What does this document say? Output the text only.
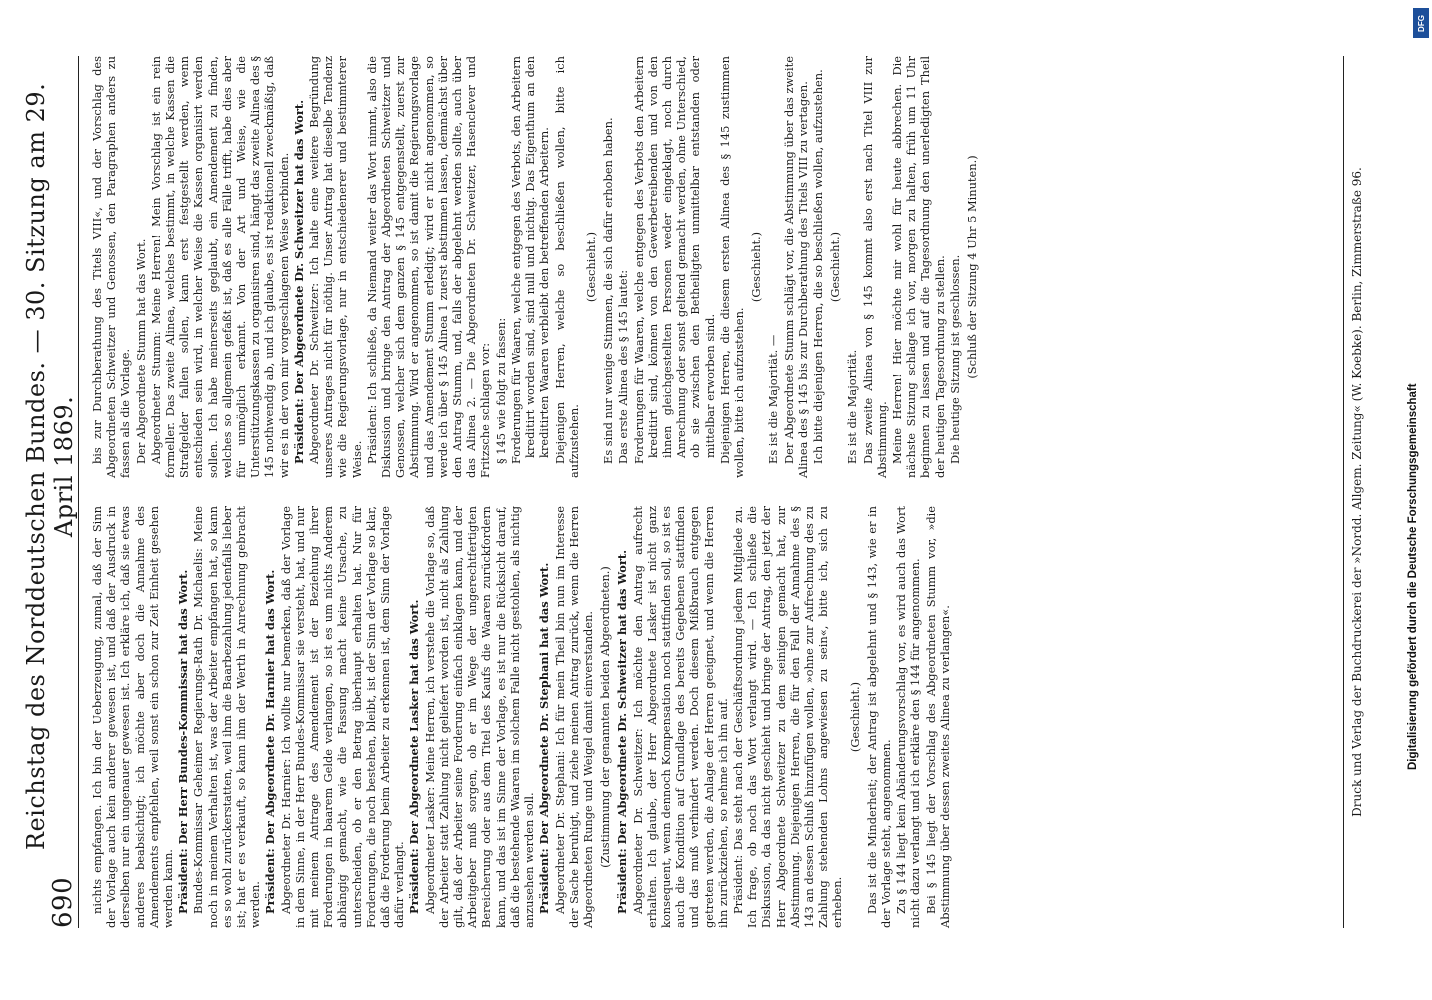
690
Reichstag des Norddeutschen Bundes. — 30. Sitzung am 29. April 1869.

nichts empfangen. Ich bin der Ueberzeugung, zumal, daß der Sinn der Vorlage auch kein anderer gewesen ist, und daß der Ausdruck in derselben nur ein ungenauer gewesen ist. Ich erkläre ich, daß sie etwas anderes beabsichtigt; ich möchte aber doch die Annahme des Amendements empfehlen, weil sonst ein schon zur Zeit Einheit gesehen werden kann. Präsident: Der Herr Bundes-Kommissar hat das Wort. Bundes-Kommissar Geheimer Regierungs-Rath Dr. Michaelis: Meine noch in meinem Verhalten ist, was der Arbeiter empfangen hat, so kann es so wohl zurückerstatten, weil ihm die Baarbezahlung jedenfalls lieber ist; hat er es verkauft, so kann ihm der Werth in Anrechnung gebracht werden. Präsident: Der Abgeordnete Dr. Harnier hat das Wort. Abgeordneter Dr. Harnier: Ich wollte nur bemerken, daß der Vorlage in dem Sinne, in der Herr Bundes-Kommissar sie versteht, hat, und nur mit meinem Antrage des Amendement ist der Beziehung ihrer Forderungen in baarem Gelde verlangen, so ist es um nichts Anderem abhängig gemacht, wie die Fassung macht keine Ursache, zu unterscheiden, ob er den Betrag überhaupt erhalten hat. Nur für Forderungen, die noch bestehen, bleibt, ist der Sinn der Vorlage so klar, daß die Forderung beim Arbeiter zu erkennen ist, dem Sinn der Vorlage dafür verlangt. Präsident: Der Abgeordnete Lasker hat das Wort. Abgeordneter Lasker: Meine Herren, ich verstehe die Vorlage so, daß der Arbeiter statt Zahlung nicht geliefert worden ist, nicht als Zahlung gilt, daß der Arbeiter seine Forderung einfach einklagen kann, und der Arbeitgeber muß sorgen, ob er im Wege der ungerechtfertigten Bereicherung oder aus dem Titel des Kaufs die Waaren zurückfordern kann, und das ist im Sinne der Vorlage, es ist nur die Rücksicht darauf, daß die bestehende Waaren im solchem Falle nicht gestohlen, als nichtig anzusehen werden soll. Präsident: Der Abgeordnete Dr. Stephani hat das Wort. Abgeordneter Dr. Stephani: Ich für mein Theil bin nun im Interesse der Sache beruhigt, und ziehe meinen Antrag zurück, wenn die Herren Abgeordneten Runge und Weigel damit einverstanden. (Zustimmung der genannten beiden Abgeordneten.) Präsident: Der Abgeordnete Dr. Schweitzer hat das Wort. Abgeordneter Dr. Schweitzer: Ich möchte den Antrag aufrecht erhalten. Ich glaube, der Herr Abgeordnete Lasker ist nicht ganz konsequent, wenn dennoch Kompensation noch stattfinden soll, so ist es auch die Kondition auf Grundlage des bereits Gegebenen stattfinden und das muß verhindert werden. Doch diesem Mißbrauch entgegen getreten werden, die Anlage der Herren geeignet, und wenn die Herren ihn zurückziehen, so nehme ich ihn auf. Präsident: Das steht nach der Geschäftsordnung jedem Mitgliede zu. Ich frage, ob noch das Wort verlangt wird. — Ich schließe die Diskussion, da das nicht geschieht und bringe der Antrag, den jetzt der Herr Abgeordnete Schweitzer zu dem seinigen gemacht hat, zur Abstimmung. Diejenigen Herren, die für den Fall der Annahme des § 143 an dessen Schluß hinzufügen wollen, »ohne zur Aufrechnung des zu Zahlung stehenden Lohns angewiesen zu sein«, bitte ich, sich zu erheben.

(Geschieht.) Das ist die Minderheit; der Antrag ist abgelehnt und § 143, wie er in der Vorlage steht, angenommen. Zu § 144 liegt kein Abänderungsvorschlag vor, es wird auch das Wort nicht dazu verlangt und ich erkläre den § 144 für angenommen. Bei § 145 liegt der Vorschlag des Abgeordneten Stumm vor, »die Abstimmung über dessen zweites Alinea zu verlangen«.

bis zur Durchberathung des Titels VIII«, und der Vorschlag des Abgeordneten Schweitzer und Genossen, den Paragraphen anders zu fassen als die Vorlage. Der Abgeordnete Stumm hat das Wort. Abgeordneter Stumm: Meine Herren! Mein Vorschlag ist ein rein formeller. Das zweite Alinea, welches bestimmt, in welche Kassen die Strafgelder fallen sollen, kann erst festgestellt werden, wenn entschieden sein wird, in welcher Weise die Kassen organisirt werden sollen. Ich habe meinerseits geglaubt, ein Amendement zu finden, welches so allgemein gefaßt ist, daß es alle Fälle trifft, habe dies aber für unmöglich erkannt. Von der Art und Weise, wie die Unterstützungskassen zu organisiren sind, hängt das zweite Alinea des § 145 nothwendig ab, und ich glaube, es ist redaktionell zweckmäßig, daß wir es in der von mir vorgeschlagenen Weise verbinden. Präsident: Der Abgeordnete Dr. Schweitzer hat das Wort. Abgeordneter Dr. Schweitzer: Ich halte eine weitere Begründung unseres Antrages nicht für nöthig. Unser Antrag hat dieselbe Tendenz wie die Regierungsvorlage, nur in entschiedenerer und bestimmterer Weise. Präsident: Ich schließe, da Niemand weiter das Wort nimmt, also die Diskussion und bringe den Antrag der Abgeordneten Schweitzer und Genossen, welcher sich dem ganzen § 145 entgegenstellt, zuerst zur Abstimmung. Wird er angenommen, so ist damit die Regierungsvorlage und das Amendement Stumm erledigt; wird er nicht angenommen, so werde ich über § 145 Alinea 1 zuerst abstimmen lassen, demnächst über den Antrag Stumm, und, falls der abgelehnt werden sollte, auch über das Alinea 2. — Die Abgeordneten Dr. Schweitzer, Hasenclever und Fritzsche schlagen vor: § 145 wie folgt zu fassen: Forderungen für Waaren, welche entgegen des Verbots, den Arbeitern kreditirt worden sind, sind null und nichtig. Das Eigenthum an den kreditirten Waaren verbleibt den betreffenden Arbeitern. Diejenigen Herren, welche so beschließen wollen, bitte ich aufzustehen.

(Geschieht.) Es sind nur wenige Stimmen, die sich dafür erhoben haben. Das erste Alinea des § 145 lautet: Forderungen für Waaren, welche entgegen des Verbots den Arbeitern kreditirt sind, können von den Gewerbetreibenden und von den ihnen gleichgestellten Personen weder eingeklagt, noch durch Anrechnung oder sonst geltend gemacht werden, ohne Unterschied, ob sie zwischen den Betheiligten unmittelbar entstanden oder mittelbar erworben sind. Diejenigen Herren, die diesem ersten Alinea des § 145 zustimmen wollen, bitte ich aufzustehen.

(Geschieht.)

Es ist die Majorität. — Der Abgeordnete Stumm schlägt vor, die Abstimmung über das zweite Alinea des § 145 bis zur Durchberathung des Titels VIII zu vertagen. Ich bitte diejenigen Herren, die so beschließen wollen, aufzustehen. (Geschieht.)

Es ist die Majorität. Das zweite Alinea von § 145 kommt also erst nach Titel VIII zur Abstimmung. Meine Herren! Hier möchte mir wohl für heute abbrechen. Die nächste Sitzung schlage ich vor, morgen zu halten, früh um 11 Uhr beginnen zu lassen und auf die Tagesordnung den unerledigten Theil der heutigen Tagesordnung zu stellen. Die heutige Sitzung ist geschlossen. (Schluß der Sitzung 4 Uhr 5 Minuten.)	Druck und Verlag der Buchdruckerei der »Nordd. Allgem. Zeitung« (W. Koebke). Berlin, Zimmerstraße 96.	Digitalisierung gefördert durch die Deutsche Forschungsgemeinschaft
DFG
